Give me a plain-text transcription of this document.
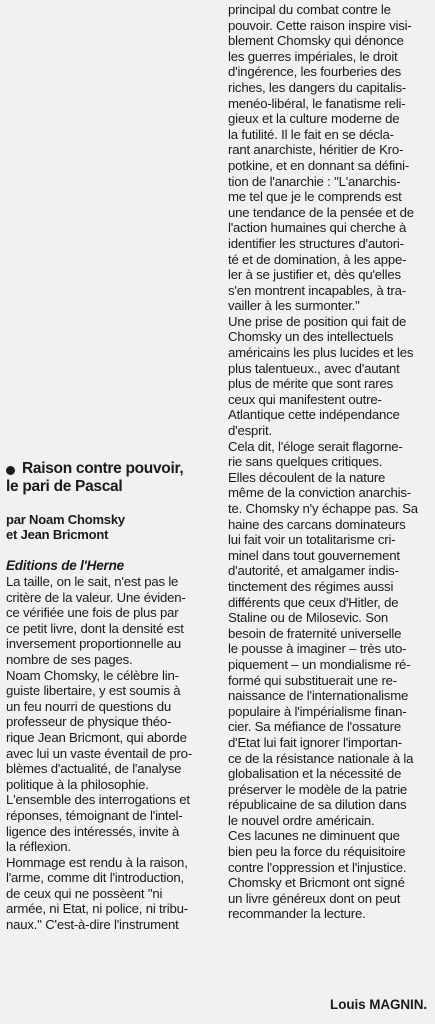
principal du combat contre le
pouvoir. Cette raison inspire visi-
blement Chomsky qui dénonce
les guerres impériales, le droit
d'ingérence, les fourberies des
riches, les dangers du capitalis-
menéo-libéral, le fanatisme reli-
gieux et la culture moderne de
la futilité. Il le fait en se décla-
rant anarchiste, héritier de Kro-
potkine, et en donnant sa défini-
tion de l'anarchie : "L'anarchis-
me tel que je le comprends est
une tendance de la pensée et de
l'action humaines qui cherche à
identifier les structures d'autori-
té et de domination, à les appe-
ler à se justifier et, dès qu'elles
s'en montrent incapables, à tra-
vailler à les surmonter."
Une prise de position qui fait de
Chomsky un des intellectuels
américains les plus lucides et les
plus talentueux., avec d'autant
plus de mérite que sont rares
ceux qui manifestent outre-
Atlantique cette indépendance
d'esprit.
Cela dit, l'éloge serait flagorne-
rie sans quelques critiques.
Elles découlent de la nature
même de la conviction anarchis-
te. Chomsky n'y échappe pas. Sa
haine des carcans dominateurs
lui fait voir un totalitarisme cri-
minel dans tout gouvernement
d'autorité, et amalgamer indis-
tinctement des régimes aussi
différents que ceux d'Hitler, de
Staline ou de Milosevic. Son
besoin de fraternité universelle
le pousse à imaginer – très uto-
piquement – un mondialisme ré-
formé qui substituerait une re-
naissance de l'internationalisme
populaire à l'impérialisme finan-
cier. Sa méfiance de l'ossature
d'Etat lui fait ignorer l'importan-
ce de la résistance nationale à la
globalisation et la nécessité de
préserver le modèle de la patrie
républicaine de sa dilution dans
le nouvel ordre américain.
Ces lacunes ne diminuent que
bien peu la force du réquisitoire
contre l'oppression et l'injustice.
Chomsky et Bricmont ont signé
un livre généreux dont on peut
recommander la lecture.

Raison contre pouvoir,
le pari de Pascal
par Noam Chomsky
et Jean Bricmont
Editions de l'Herne

La taille, on le sait, n'est pas le
critère de la valeur. Une éviden-
ce vérifiée une fois de plus par
ce petit livre, dont la densité est
inversement proportionnelle au
nombre de ses pages.
Noam Chomsky, le célèbre lin-
guiste libertaire, y est soumis à
un feu nourri de questions du
professeur de physique théo-
rique Jean Bricmont, qui aborde
avec lui un vaste éventail de pro-
blèmes d'actualité, de l'analyse
politique à la philosophie.
L'ensemble des interrogations et
réponses, témoignant de l'intel-
ligence des intéressés, invite à
la réflexion.
Hommage est rendu à la raison,
l'arme, comme dit l'introduction,
de ceux qui ne possèent "ni
armée, ni Etat, ni police, ni tribu-
naux." C'est-à-dire l'instrument

Louis MAGNIN.
